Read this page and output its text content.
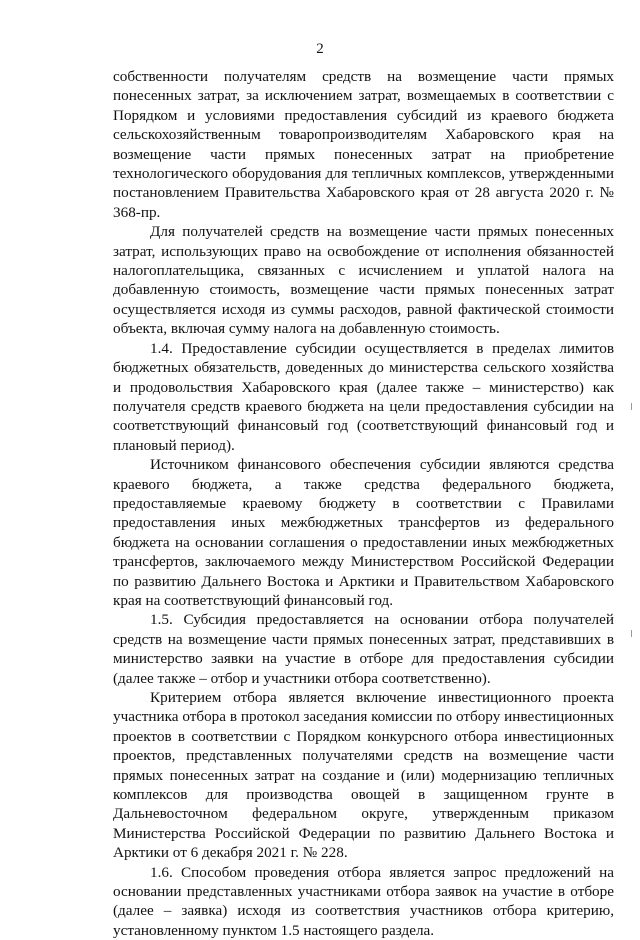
2

собственности получателям средств на возмещение части прямых понесенных затрат, за исключением затрат, возмещаемых в соответствии с Порядком и условиями предоставления субсидий из краевого бюджета сельскохозяйственным товаропроизводителям Хабаровского края на возмещение части прямых понесенных затрат на приобретение технологического оборудования для тепличных комплексов, утвержденными постановлением Правительства Хабаровского края от 28 августа 2020 г. № 368-пр.

Для получателей средств на возмещение части прямых понесенных затрат, использующих право на освобождение от исполнения обязанностей налогоплательщика, связанных с исчислением и уплатой налога на добавленную стоимость, возмещение части прямых понесенных затрат осуществляется исходя из суммы расходов, равной фактической стоимости объекта, включая сумму налога на добавленную стоимость.

1.4. Предоставление субсидии осуществляется в пределах лимитов бюджетных обязательств, доведенных до министерства сельского хозяйства и продовольствия Хабаровского края (далее также – министерство) как получателя средств краевого бюджета на цели предоставления субсидии на соответствующий финансовый год (соответствующий финансовый год и плановый период).

Источником финансового обеспечения субсидии являются средства краевого бюджета, а также средства федерального бюджета, предоставляемые краевому бюджету в соответствии с Правилами предоставления иных межбюджетных трансфертов из федерального бюджета на основании соглашения о предоставлении иных межбюджетных трансфертов, заключаемого между Министерством Российской Федерации по развитию Дальнего Востока и Арктики и Правительством Хабаровского края на соответствующий финансовый год.

1.5. Субсидия предоставляется на основании отбора получателей средств на возмещение части прямых понесенных затрат, представивших в министерство заявки на участие в отборе для предоставления субсидии (далее также – отбор и участники отбора соответственно).

Критерием отбора является включение инвестиционного проекта участника отбора в протокол заседания комиссии по отбору инвестиционных проектов в соответствии с Порядком конкурсного отбора инвестиционных проектов, представленных получателями средств на возмещение части прямых понесенных затрат на создание и (или) модернизацию тепличных комплексов для производства овощей в защищенном грунте в Дальневосточном федеральном округе, утвержденным приказом Министерства Российской Федерации по развитию Дальнего Востока и Арктики от 6 декабря 2021 г. № 228.

1.6. Способом проведения отбора является запрос предложений на основании представленных участниками отбора заявок на участие в отборе (далее – заявка) исходя из соответствия участников отбора критерию, установленному пунктом 1.5 настоящего раздела.
